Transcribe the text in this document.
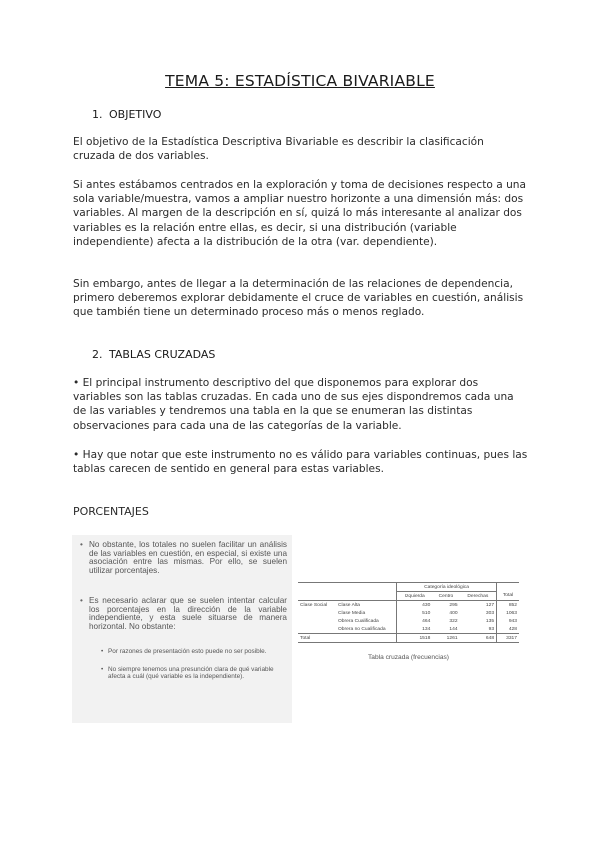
TEMA 5: ESTADÍSTICA BIVARIABLE
1. OBJETIVO

El objetivo de la Estadística Descriptiva Bivariable es describir la clasificación cruzada de dos variables.

Si antes estábamos centrados en la exploración y toma de decisiones respecto a una sola variable/muestra, vamos a ampliar nuestro horizonte a una dimensión más: dos variables. Al margen de la descripción en sí, quizá lo más interesante al analizar dos variables es la relación entre ellas, es decir, si una distribución (variable independiente) afecta a la distribución de la otra (var. dependiente).

Sin embargo, antes de llegar a la determinación de las relaciones de dependencia, primero deberemos explorar debidamente el cruce de variables en cuestión, análisis que también tiene un determinado proceso más o menos reglado.

2. TABLAS CRUZADAS

• El principal instrumento descriptivo del que disponemos para explorar dos variables son las tablas cruzadas. En cada uno de sus ejes dispondremos cada una de las variables y tendremos una tabla en la que se enumeran las distintas observaciones para cada una de las categorías de la variable.

• Hay que notar que este instrumento no es válido para variables continuas, pues las tablas carecen de sentido en general para estas variables.

PORCENTAJES

• No obstante, los totales no suelen facilitar un análisis de las variables en cuestión, en especial, si existe una asociación entre las mismas. Por ello, se suelen utilizar porcentajes.

• Es necesario aclarar que se suelen intentar calcular los porcentajes en la dirección de la variable independiente, y esta suele situarse de manera horizontal. No obstante:

• Por razones de presentación esto puede no ser posible.

• No siempre tenemos una presunción clara de qué variable afecta a cuál (qué variable es la independiente).

		Categoría ideológica			
		Izquierda	Centro	Derechas	Total
Clase Social	Clase Alta	430	295	127	852
	Clase Media	510	400	303	1063
	Obrera Cualificada	464	322	135	943
	Obrera no Cualificada	134	144	93	428
Total		1518	1261	648	3317
Tabla cruzada (frecuencias)
